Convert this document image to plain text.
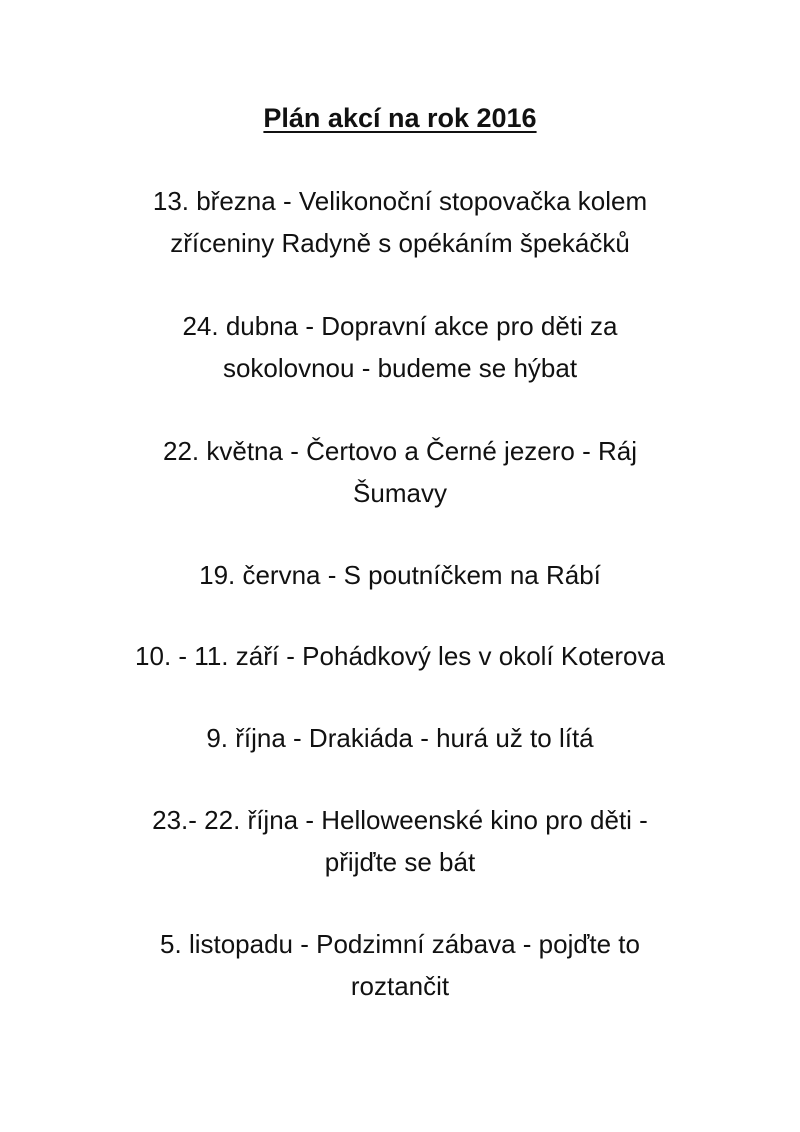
Plán akcí na rok 2016
13. března - Velikonoční stopovačka kolem
zříceniny Radyně s opékáním špekáčků
24. dubna - Dopravní akce pro děti za
sokolovnou - budeme se hýbat
22. května - Čertovo a Černé jezero - Ráj
Šumavy
19. června - S poutníčkem na Rábí
10. - 11. září - Pohádkový les v okolí Koterova
9. října - Drakiáda - hurá už to lítá
23.- 22. října - Helloweenské kino pro děti -
přijďte se bát
5. listopadu - Podzimní zábava - pojďte to
roztančit
